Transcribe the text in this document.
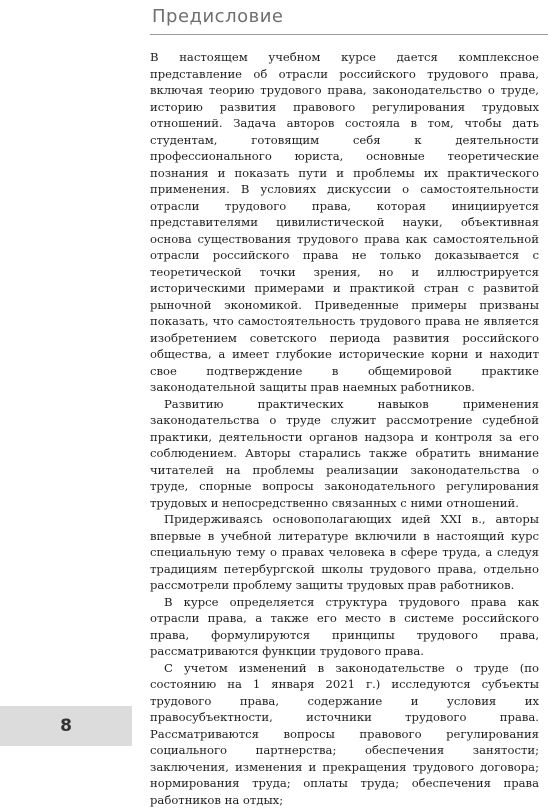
Предисловие

В настоящем учебном курсе дается комплексное представление об отрасли российского трудового права, включая теорию трудового права, законодательство о труде, историю развития правового регулирования трудовых отношений. Задача авторов состояла в том, чтобы дать студентам, готовящим себя к деятельности профессионального юриста, основные теоретические познания и показать пути и проблемы их практического применения. В условиях дискуссии о самостоятельности отрасли трудового права, которая инициируется представителями цивилистической науки, объективная основа существования трудового права как самостоятельной отрасли российского права не только доказывается с теоретической точки зрения, но и иллюстрируется историческими примерами и практикой стран с развитой рыночной экономикой. Приведенные примеры призваны показать, что самостоятельность трудового права не является изобретением советского периода развития российского общества, а имеет глубокие исторические корни и находит свое подтверждение в общемировой практике законодательной защиты прав наемных работников.

Развитию практических навыков применения законодательства о труде служит рассмотрение судебной практики, деятельности органов надзора и контроля за его соблюдением. Авторы старались также обратить внимание читателей на проблемы реализации законодательства о труде, спорные вопросы законодательного регулирования трудовых и непосредственно связанных с ними отношений.

Придерживаясь основополагающих идей XXI в., авторы впервые в учебной литературе включили в настоящий курс специальную тему о правах человека в сфере труда, а следуя традициям петербургской школы трудового права, отдельно рассмотрели проблему защиты трудовых прав работников.

В курсе определяется структура трудового права как отрасли права, а также его место в системе российского права, формулируются принципы трудового права, рассматриваются функции трудового права.

С учетом изменений в законодательстве о труде (по состоянию на 1 января 2021 г.) исследуются субъекты трудового права, содержание и условия их правосубъектности, источники трудового права. Рассматриваются вопросы правового регулирования социального партнерства; обеспечения занятости; заключения, изменения и прекращения трудового договора; нормирования труда; оплаты труда; обеспечения права работников на отдых;

8
